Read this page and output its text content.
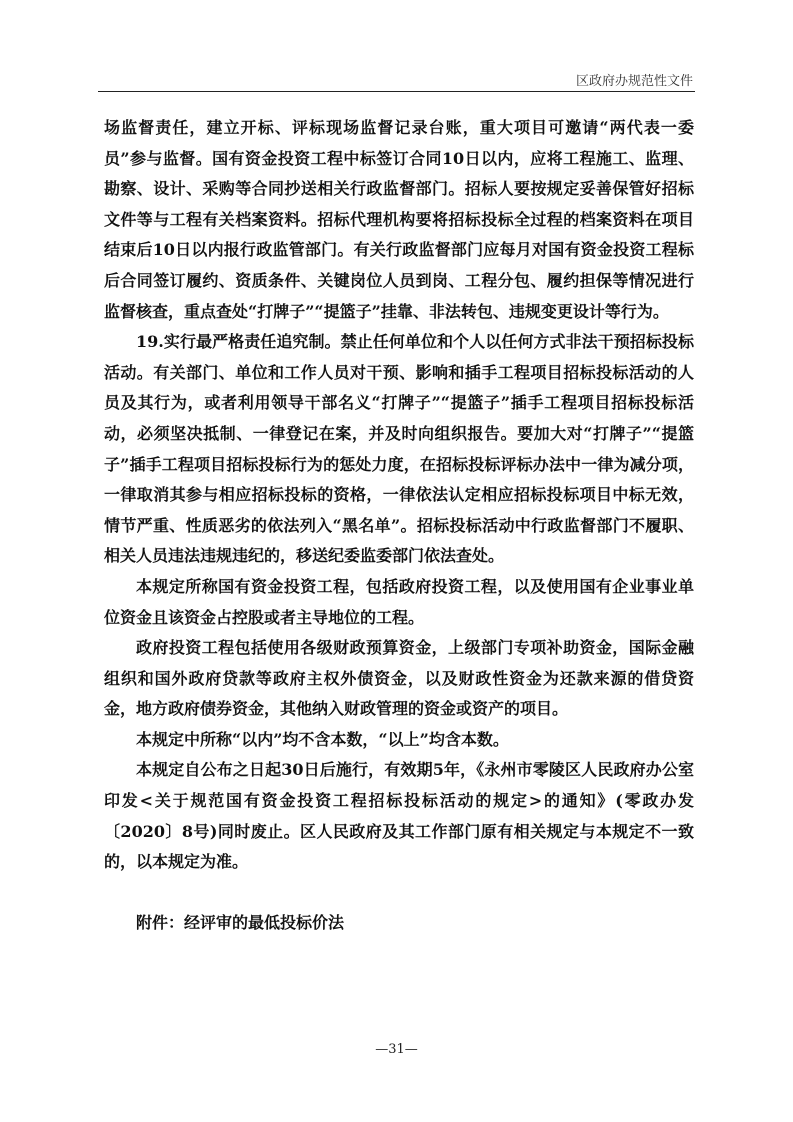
区政府办规范性文件

场监督责任，建立开标、评标现场监督记录台账，重大项目可邀请“两代表一委员”参与监督。国有资金投资工程中标签订合同10日以内，应将工程施工、监理、勘察、设计、采购等合同抄送相关行政监督部门。招标人要按规定妥善保管好招标文件等与工程有关档案资料。招标代理机构要将招标投标全过程的档案资料在项目结束后10日以内报行政监管部门。有关行政监督部门应每月对国有资金投资工程标后合同签订履约、资质条件、关键岗位人员到岗、工程分包、履约担保等情况进行监督核查，重点查处“打牌子”“提篮子”挂靠、非法转包、违规变更设计等行为。

19.实行最严格责任追究制。禁止任何单位和个人以任何方式非法干预招标投标活动。有关部门、单位和工作人员对干预、影响和插手工程项目招标投标活动的人员及其行为，或者利用领导干部名义“打牌子”“提篮子”插手工程项目招标投标活动，必须坚决抵制、一律登记在案，并及时向组织报告。要加大对“打牌子”“提篮子”插手工程项目招标投标行为的惩处力度，在招标投标评标办法中一律为减分项，一律取消其参与相应招标投标的资格，一律依法认定相应招标投标项目中标无效，情节严重、性质恶劣的依法列入“黑名单”。招标投标活动中行政监督部门不履职、相关人员违法违规违纪的，移送纪委监委部门依法查处。

本规定所称国有资金投资工程，包括政府投资工程，以及使用国有企业事业单位资金且该资金占控股或者主导地位的工程。

政府投资工程包括使用各级财政预算资金，上级部门专项补助资金，国际金融组织和国外政府贷款等政府主权外债资金，以及财政性资金为还款来源的借贷资金，地方政府债券资金，其他纳入财政管理的资金或资产的项目。

本规定中所称“以内”均不含本数，“以上”均含本数。

本规定自公布之日起30日后施行，有效期5年，《永州市零陵区人民政府办公室印发<关于规范国有资金投资工程招标投标活动的规定>的通知》(零政办发〔2020〕8号)同时废止。区人民政府及其工作部门原有相关规定与本规定不一致的，以本规定为准。

附件：经评审的最低投标价法

—31—
